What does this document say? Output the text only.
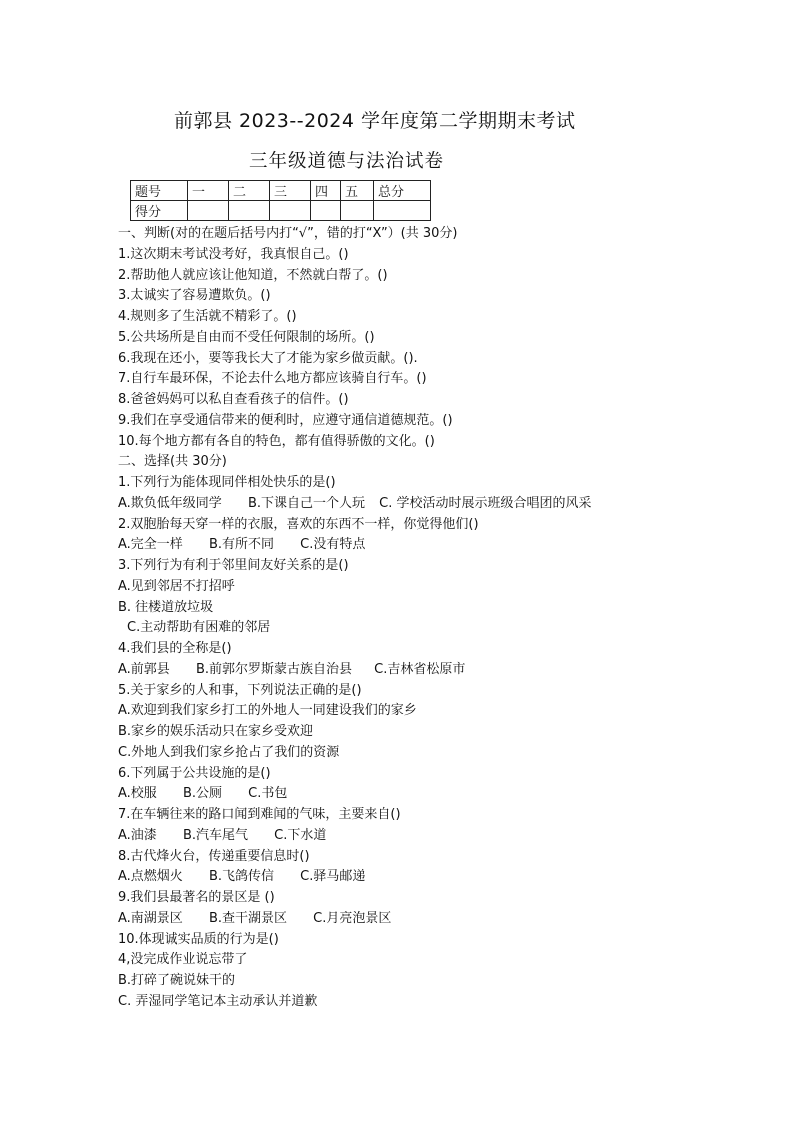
前郭县 2023--2024 学年度第二学期期末考试
三年级道德与法治试卷
题号	一	二	三	四	五	总分
得分						
一、判断(对的在题后括号内打“√”，错的打“X”）(共 30分)
1.这次期末考试没考好，我真恨自己。()
2.帮助他人就应该让他知道，不然就白帮了。()
3.太诚实了容易遭欺负。()
4.规则多了生活就不精彩了。()
5.公共场所是自由而不受任何限制的场所。()
6.我现在还小，要等我长大了才能为家乡做贡献。().
7.自行车最环保，不论去什么地方都应该骑自行车。()
8.爸爸妈妈可以私自查看孩子的信件。()
9.我们在享受通信带来的便利时，应遵守通信道德规范。()
10.每个地方都有各自的特色，都有值得骄傲的文化。()
二、选择(共 30分)
1.下列行为能体现同伴相处快乐的是()
A.欺负低年级同学 B.下课自己一个人玩 C. 学校活动时展示班级合唱团的风采
2.双胞胎每天穿一样的衣服，喜欢的东西不一样，你觉得他们()
A.完全一样 B.有所不同 C.没有特点
3.下列行为有利于邻里间友好关系的是()
A.见到邻居不打招呼
B. 往楼道放垃圾
C.主动帮助有困难的邻居
4.我们县的全称是()
A.前郭县 B.前郭尔罗斯蒙古族自治县 C.吉林省松原市
5.关于家乡的人和事，下列说法正确的是()
A.欢迎到我们家乡打工的外地人一同建设我们的家乡
B.家乡的娱乐活动只在家乡受欢迎
C.外地人到我们家乡抢占了我们的资源
6.下列属于公共设施的是()
A.校服 B.公厕 C.书包
7.在车辆往来的路口闻到难闻的气味，主要来自()
A.油漆 B.汽车尾气 C.下水道
8.古代烽火台，传递重要信息时()
A.点燃烟火 B.飞鸽传信 C.驿马邮递
9.我们县最著名的景区是 ()
A.南湖景区 B.查干湖景区 C.月亮泡景区
10.体现诚实品质的行为是()
4,没完成作业说忘带了
B.打碎了碗说妹干的
C. 弄湿同学笔记本主动承认并道歉
